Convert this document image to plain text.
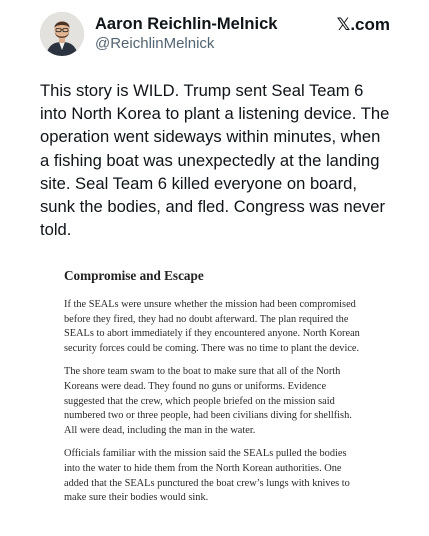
Aaron Reichlin-Melnick
@ReichlinMelnick
𝕏.com

This story is WILD. Trump sent Seal Team 6 into North Korea to plant a listening device. The operation went sideways within minutes, when a fishing boat was unexpectedly at the landing site. Seal Team 6 killed everyone on board, sunk the bodies, and fled. Congress was never told.

Compromise and Escape

If the SEALs were unsure whether the mission had been compromised before they fired, they had no doubt afterward. The plan required the SEALs to abort immediately if they encountered anyone. North Korean security forces could be coming. There was no time to plant the device.

The shore team swam to the boat to make sure that all of the North Koreans were dead. They found no guns or uniforms. Evidence suggested that the crew, which people briefed on the mission said numbered two or three people, had been civilians diving for shellfish. All were dead, including the man in the water.

Officials familiar with the mission said the SEALs pulled the bodies into the water to hide them from the North Korean authorities. One added that the SEALs punctured the boat crew’s lungs with knives to make sure their bodies would sink.
